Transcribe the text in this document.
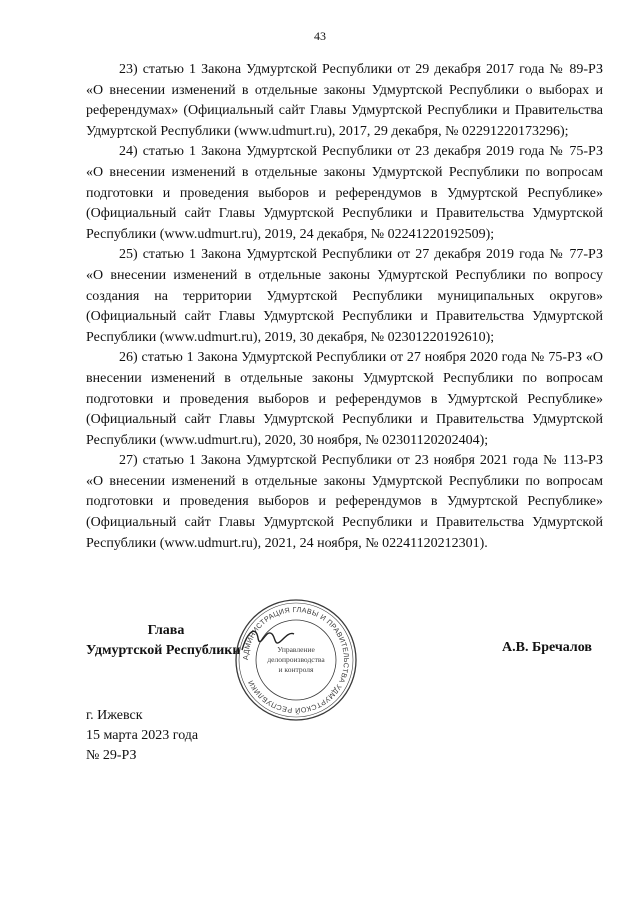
43

23) статью 1 Закона Удмуртской Республики от 29 декабря 2017 года № 89-РЗ «О внесении изменений в отдельные законы Удмуртской Республики о выборах и референдумах» (Официальный сайт Главы Удмуртской Республики и Правительства Удмуртской Республики (www.udmurt.ru), 2017, 29 декабря, № 02291220173296);

24) статью 1 Закона Удмуртской Республики от 23 декабря 2019 года № 75-РЗ «О внесении изменений в отдельные законы Удмуртской Республики по вопросам подготовки и проведения выборов и референдумов в Удмуртской Республике» (Официальный сайт Главы Удмуртской Республики и Правительства Удмуртской Республики (www.udmurt.ru), 2019, 24 декабря, № 02241220192509);

25) статью 1 Закона Удмуртской Республики от 27 декабря 2019 года № 77-РЗ «О внесении изменений в отдельные законы Удмуртской Республики по вопросу создания на территории Удмуртской Республики муниципальных округов» (Официальный сайт Главы Удмуртской Республики и Правительства Удмуртской Республики (www.udmurt.ru), 2019, 30 декабря, № 02301220192610);

26) статью 1 Закона Удмуртской Республики от 27 ноября 2020 года № 75-РЗ «О внесении изменений в отдельные законы Удмуртской Республики по вопросам подготовки и проведения выборов и референдумов в Удмуртской Республике» (Официальный сайт Главы Удмуртской Республики и Правительства Удмуртской Республики (www.udmurt.ru), 2020, 30 ноября, № 02301120202404);

27) статью 1 Закона Удмуртской Республики от 23 ноября 2021 года № 113-РЗ «О внесении изменений в отдельные законы Удмуртской Республики по вопросам подготовки и проведения выборов и референдумов в Удмуртской Республике» (Официальный сайт Главы Удмуртской Республики и Правительства Удмуртской Республики (www.udmurt.ru), 2021, 24 ноября, № 02241120212301).

Глава
Удмуртской Республики АДМИНИСТРАЦИЯ ГЛАВЫ И ПРАВИТЕЛЬСТВА УДМУРТСКОЙ РЕСПУБЛИКИ
Управление
делопроизводства
и контроля
А.В. Бречалов
г. Ижевск
15 марта 2023 года
№ 29-РЗ
